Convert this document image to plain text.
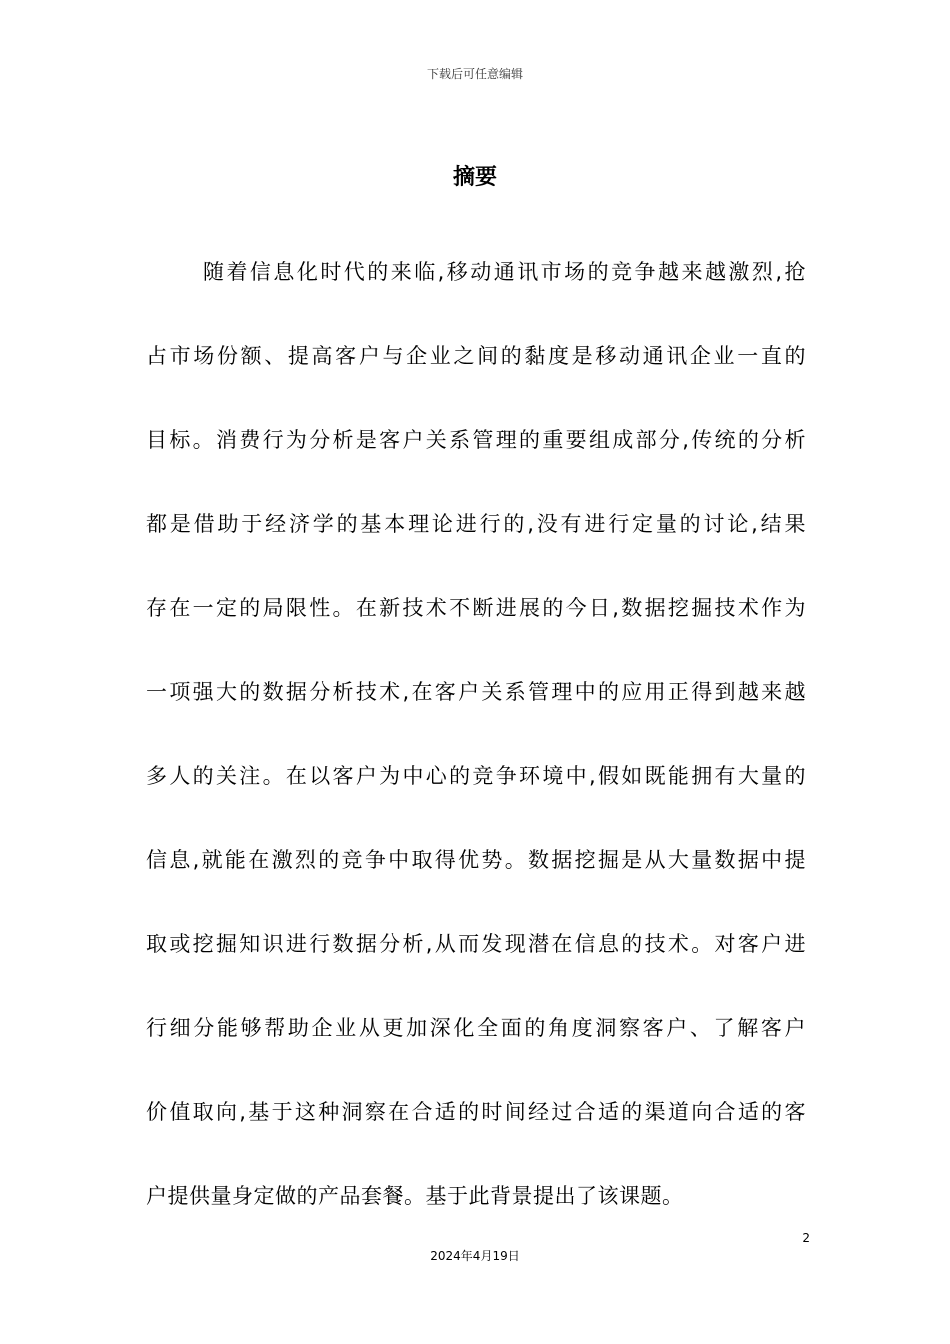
下载后可任意编辑
摘要
随着信息化时代的来临,移动通讯市场的竞争越来越激烈,抢
占市场份额、提高客户与企业之间的黏度是移动通讯企业一直的
目标。消费行为分析是客户关系管理的重要组成部分,传统的分析
都是借助于经济学的基本理论进行的,没有进行定量的讨论,结果
存在一定的局限性。在新技术不断进展的今日,数据挖掘技术作为
一项强大的数据分析技术,在客户关系管理中的应用正得到越来越
多人的关注。在以客户为中心的竞争环境中,假如既能拥有大量的
信息,就能在激烈的竞争中取得优势。数据挖掘是从大量数据中提
取或挖掘知识进行数据分析,从而发现潜在信息的技术。对客户进
行细分能够帮助企业从更加深化全面的角度洞察客户、了解客户
价值取向,基于这种洞察在合适的时间经过合适的渠道向合适的客
户提供量身定做的产品套餐。基于此背景提出了该课题。
2
2024年4月19日
